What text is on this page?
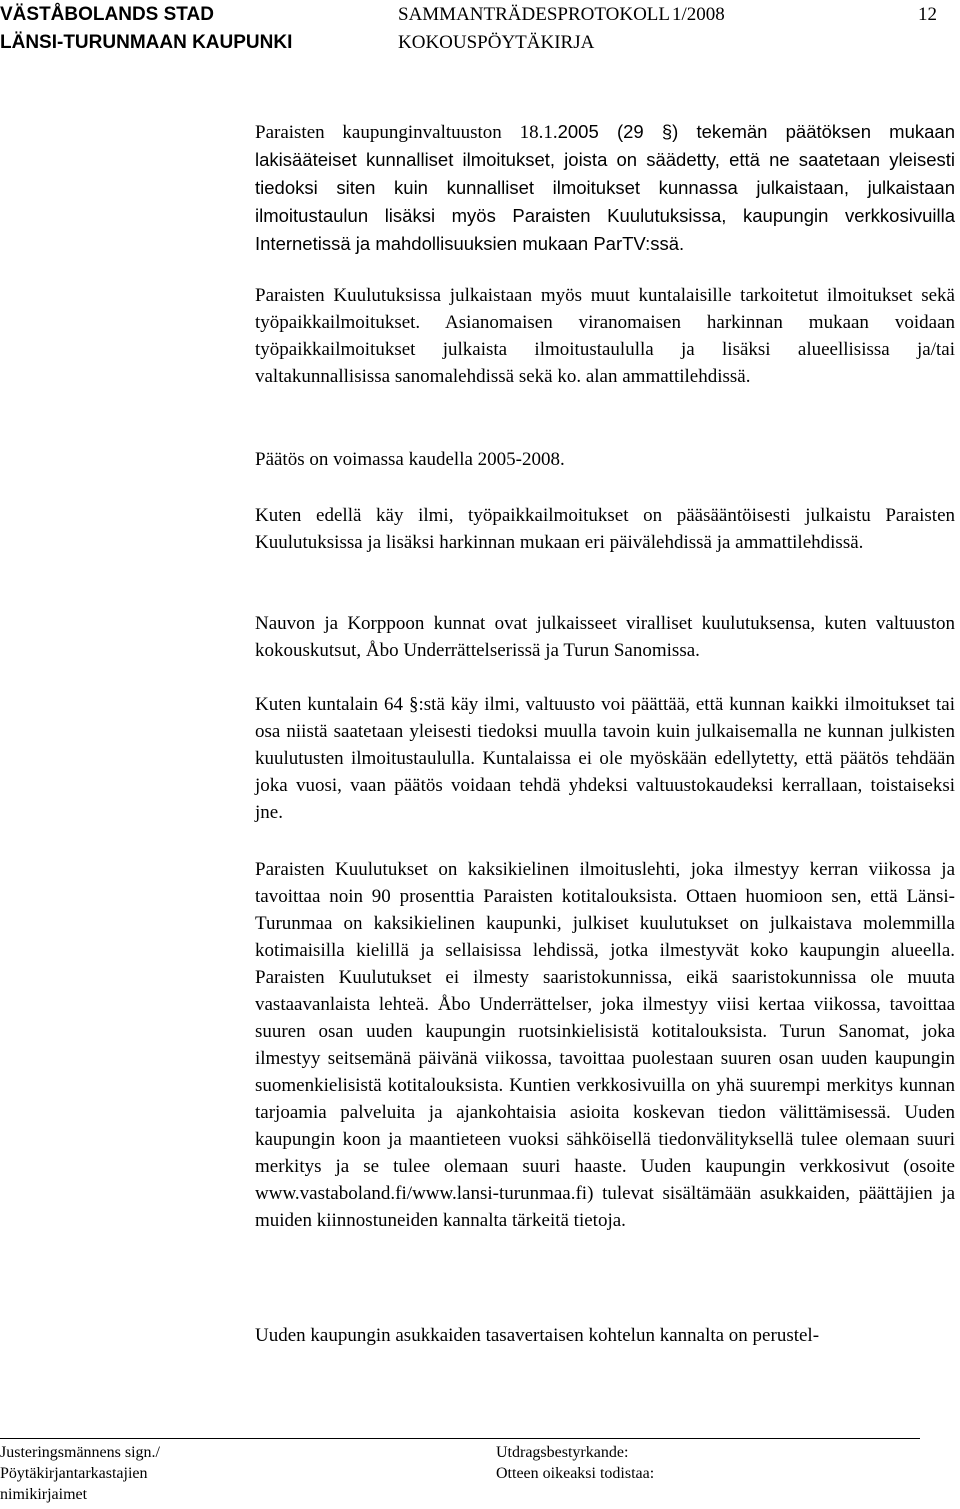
VÄSTÅBOLANDS STAD
LÄNSI-TURUNMAAN KAUPUNKI
SAMMANTRÄDESPROTOKOLL
KOKOUSPÖYTÄKIRJA
1/2008	12

Paraisten kaupunginvaltuuston 18.1.2005 (29 §) tekemän päätöksen mukaan lakisääteiset kunnalliset ilmoitukset, joista on säädetty, että ne saatetaan yleisesti tiedoksi siten kuin kunnalliset ilmoitukset kunnassa julkaistaan, julkaistaan ilmoitustaulun lisäksi myös Paraisten Kuulutuksissa, kaupungin verkkosivuilla Internetissä ja mahdollisuuksien mukaan ParTV:ssä.

Paraisten Kuulutuksissa julkaistaan myös muut kuntalaisille tarkoitetut ilmoitukset sekä työpaikkailmoitukset. Asianomaisen viranomaisen harkinnan mukaan voidaan työpaikkailmoitukset julkaista ilmoitustaululla ja lisäksi alueellisissa ja/tai valtakunnallisissa sanomalehdissä sekä ko. alan ammattilehdissä.

Päätös on voimassa kaudella 2005-2008.

Kuten edellä käy ilmi, työpaikkailmoitukset on pääsääntöisesti julkaistu Paraisten Kuulutuksissa ja lisäksi harkinnan mukaan eri päivälehdissä ja ammattilehdissä.

Nauvon ja Korppoon kunnat ovat julkaisseet viralliset kuulutuksensa, kuten valtuuston kokouskutsut, Åbo Underrättelserissä ja Turun Sanomissa.

Kuten kuntalain 64 §:stä käy ilmi, valtuusto voi päättää, että kunnan kaikki ilmoitukset tai osa niistä saatetaan yleisesti tiedoksi muulla tavoin kuin julkaisemalla ne kunnan julkisten kuulutusten ilmoitustaululla. Kuntalaissa ei ole myöskään edellytetty, että päätös tehdään joka vuosi, vaan päätös voidaan tehdä yhdeksi valtuustokaudeksi kerrallaan, toistaiseksi jne.

Paraisten Kuulutukset on kaksikielinen ilmoituslehti, joka ilmestyy kerran viikossa ja tavoittaa noin 90 prosenttia Paraisten kotitalouksista. Ottaen huomioon sen, että Länsi-Turunmaa on kaksikielinen kaupunki, julkiset kuulutukset on julkaistava molemmilla kotimaisilla kielillä ja sellaisissa lehdissä, jotka ilmestyvät koko kaupungin alueella. Paraisten Kuulutukset ei ilmesty saaristokunnissa, eikä saaristokunnissa ole muuta vastaavanlaista lehteä. Åbo Underrättelser, joka ilmestyy viisi kertaa viikossa, tavoittaa suuren osan uuden kaupungin ruotsinkielisistä kotitalouksista. Turun Sanomat, joka ilmestyy seitsemänä päivänä viikossa, tavoittaa puolestaan suuren osan uuden kaupungin suomenkielisistä kotitalouksista. Kuntien verkkosivuilla on yhä suurempi merkitys kunnan tarjoamia palveluita ja ajankohtaisia asioita koskevan tiedon välittämisessä. Uuden kaupungin koon ja maantieteen vuoksi sähköisellä tiedonvälityksellä tulee olemaan suuri merkitys ja se tulee olemaan suuri haaste. Uuden kaupungin verkkosivut (osoite www.vastaboland.fi/www.lansi-turunmaa.fi) tulevat sisältämään asukkaiden, päättäjien ja muiden kiinnostuneiden kannalta tärkeitä tietoja.

Uuden kaupungin asukkaiden tasavertaisen kohtelun kannalta on perustel-

Justeringsmännens sign./
Pöytäkirjantarkastajien
nimikirjaimet
Utdragsbestyrkande:
Otteen oikeaksi todistaa:
